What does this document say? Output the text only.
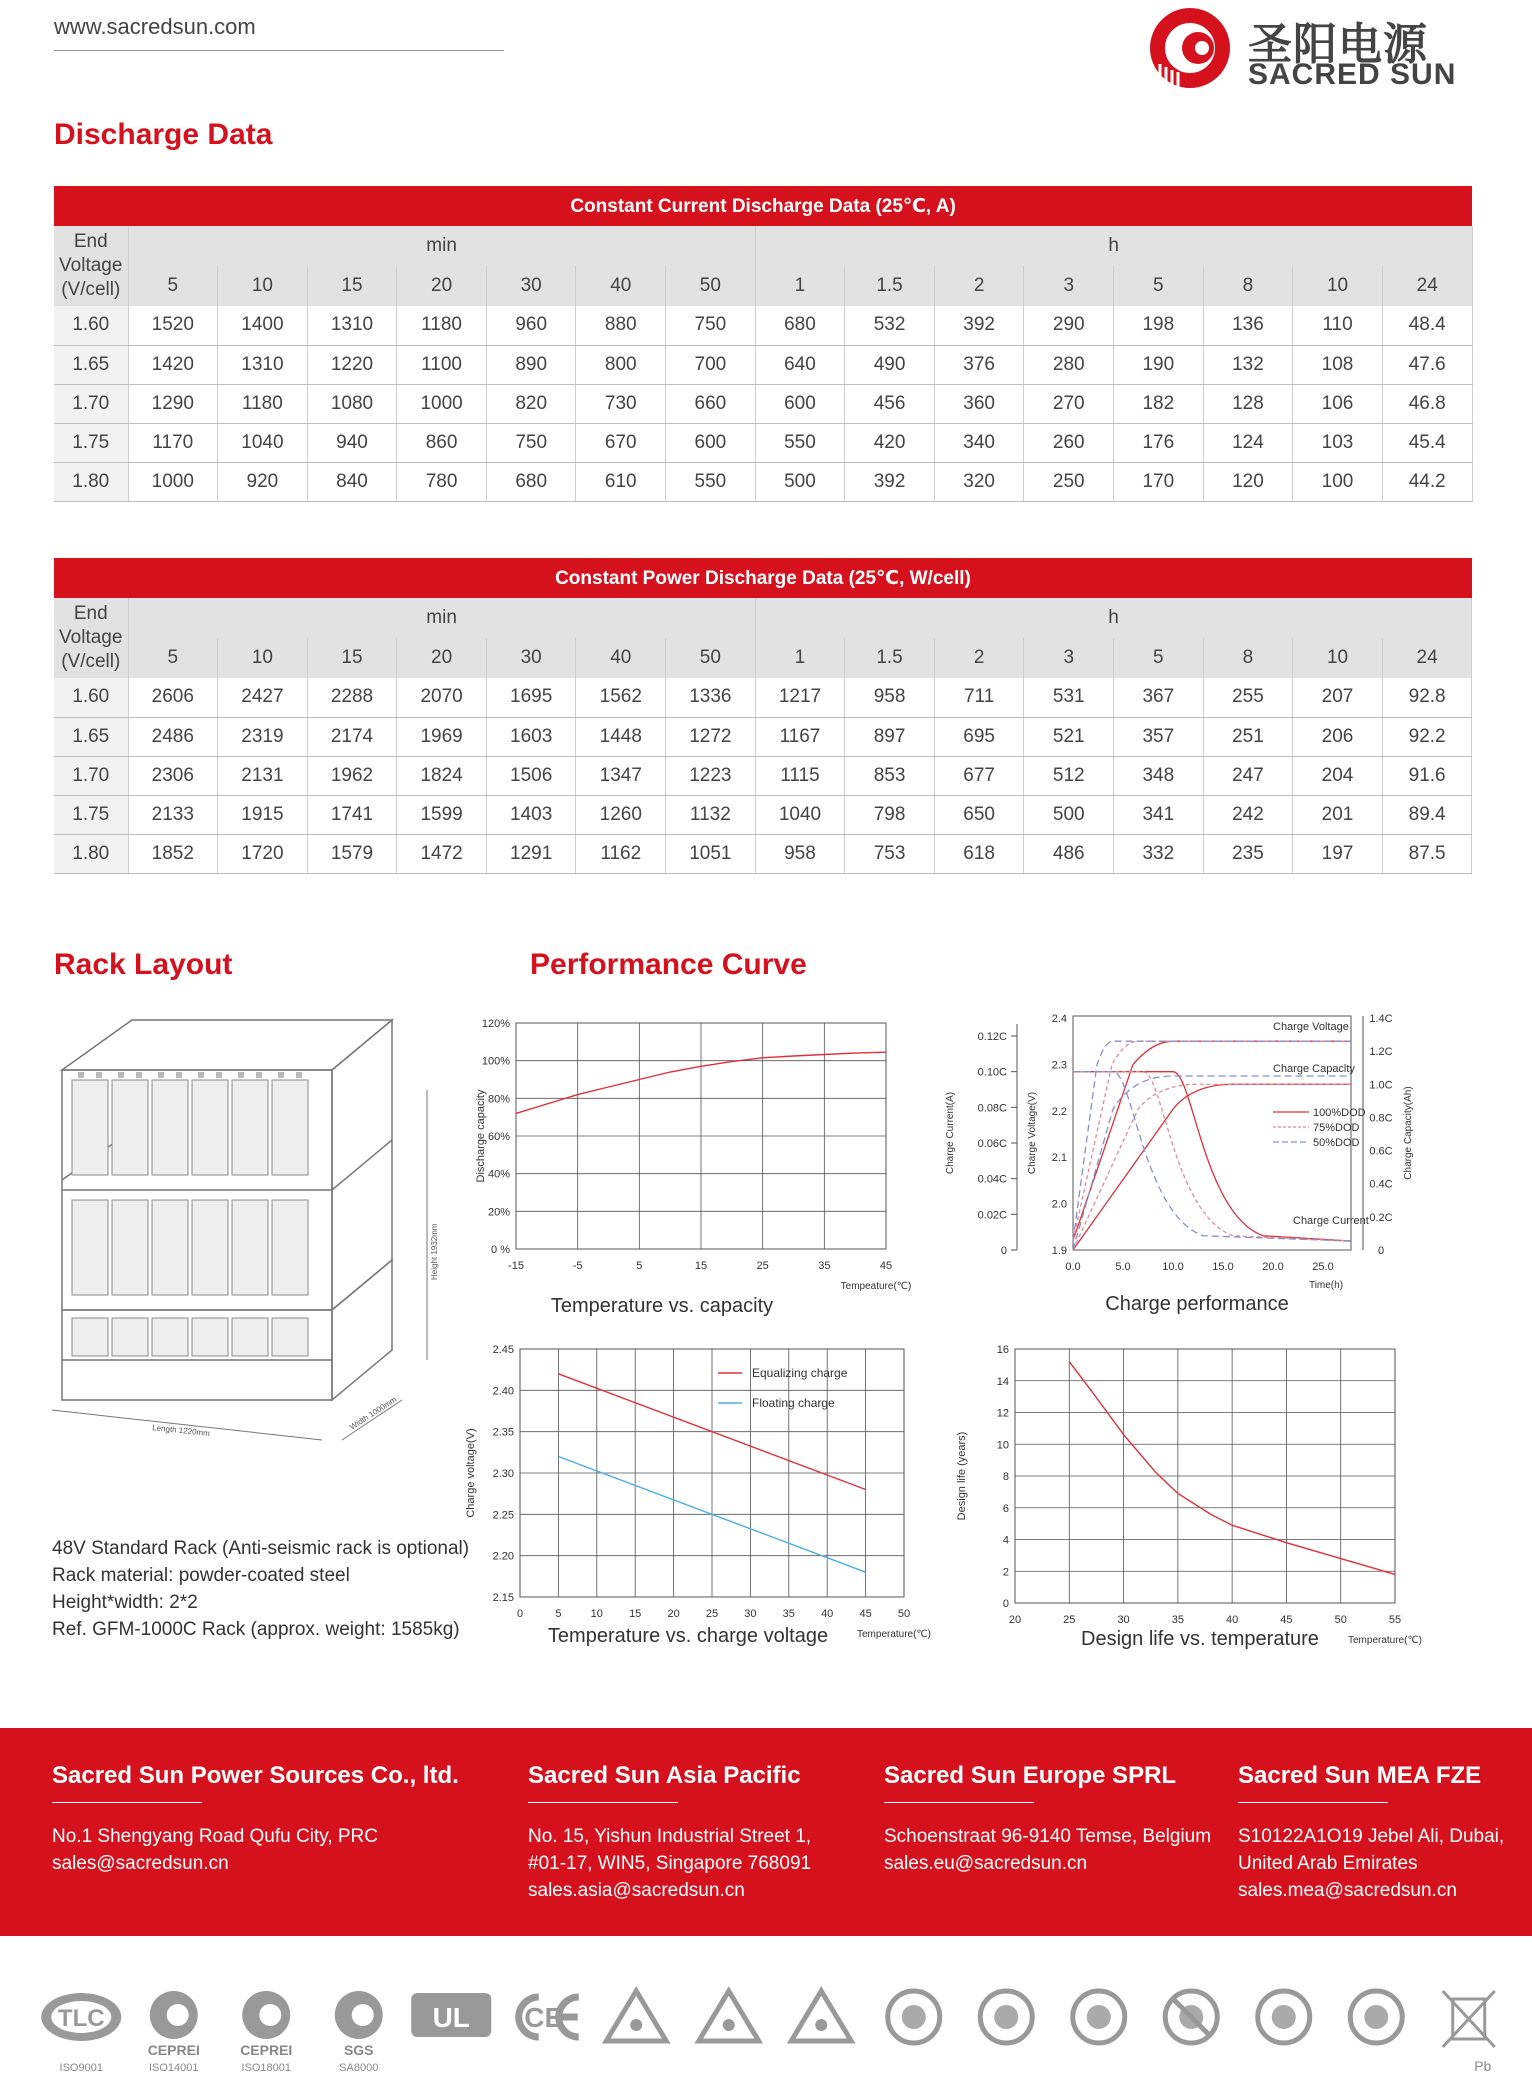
www.sacredsun.com	圣阳电源
SACRED SUN
Discharge Data
Constant Current Discharge Data (25℃, A)															

End
Voltage
(V/cell)	min							h							
	5	10	15	20	30	40	50	1	1.5	2	3	5	8	10	24
1.60	1520	1400	1310	1180	960	880	750	680	532	392	290	198	136	110	48.4
1.65	1420	1310	1220	1100	890	800	700	640	490	376	280	190	132	108	47.6
1.70	1290	1180	1080	1000	820	730	660	600	456	360	270	182	128	106	46.8
1.75	1170	1040	940	860	750	670	600	550	420	340	260	176	124	103	45.4
1.80	1000	920	840	780	680	610	550	500	392	320	250	170	120	100	44.2
Constant Power Discharge Data (25℃, W/cell)															

End
Voltage
(V/cell)	min							h							
	5	10	15	20	30	40	50	1	1.5	2	3	5	8	10	24
1.60	2606	2427	2288	2070	1695	1562	1336	1217	958	711	531	367	255	207	92.8
1.65	2486	2319	2174	1969	1603	1448	1272	1167	897	695	521	357	251	206	92.2
1.70	2306	2131	1962	1824	1506	1347	1223	1115	853	677	512	348	247	204	91.6
1.75	2133	1915	1741	1599	1403	1260	1132	1040	798	650	500	341	242	201	89.4
1.80	1852	1720	1579	1472	1291	1162	1051	958	753	618	486	332	235	197	87.5
Rack Layout	Performance Curve
Length 1220mm	Width 1000mm
Height 1932mm
48V Standard Rack (Anti-seismic rack is optional)
Rack material: powder-coated steel
Height*width: 2*2
Ref. GFM-1000C Rack (approx. weight: 1585kg)
-15	-5	5	15	25	35	45
0 %
20%
40%
60%
80%
100%
120%
Discharge capacity
Tempeature(℃)
Temperature vs. capacity
0.0	5.0	10.0	15.0	20.0	25.0
0
0.02C
0.04C
0.06C
0.08C
0.10C
0.12C
1.9
2.0
2.1
2.2
2.3
2.4
0
0.2C
0.4C
0.6C
0.8C
1.0C
1.2C
1.4C
Charge Current(A)	Charge Voltage(V)	Charge Capacity(Ah)
Time(h)
Charge performance
Charge Voltage
Charge Capaclty
Charge Current
100%DOD
75%DOD
50%DOD
0	5	10 15 20 25 30 35 40 45 50
2.15
2.20
2.25
2.30
2.35
2.40
2.45
Charge voltage(V)
Temperature(℃)
Temperature vs. charge voltage
Equalizing charge
Floating charge
20	25	30	35	40	45	50	55
0
2
4
6
8
10
12
14
16
Design life (years)
Temperature(℃)
Design life vs. temperature
Sacred Sun Power Sources Co., ltd.

No.1 Shengyang Road Qufu City, PRC

sales@sacredsun.cn

Sacred Sun Asia Pacific

No. 15, Yishun Industrial Street 1,

#01-17, WIN5, Singapore 768091

sales.asia@sacredsun.cn

Sacred Sun Europe SPRL

Schoenstraat 96-9140 Temse, Belgium

sales.eu@sacredsun.cn

Sacred Sun MEA FZE

S10122A1O19 Jebel Ali, Dubai,

United Arab Emirates

sales.mea@sacredsun.cn

TLC
ISO9001
CEPREI
ISO14001
CEPREI
ISO18001
SGS
SA8000
UL CE
Pb
